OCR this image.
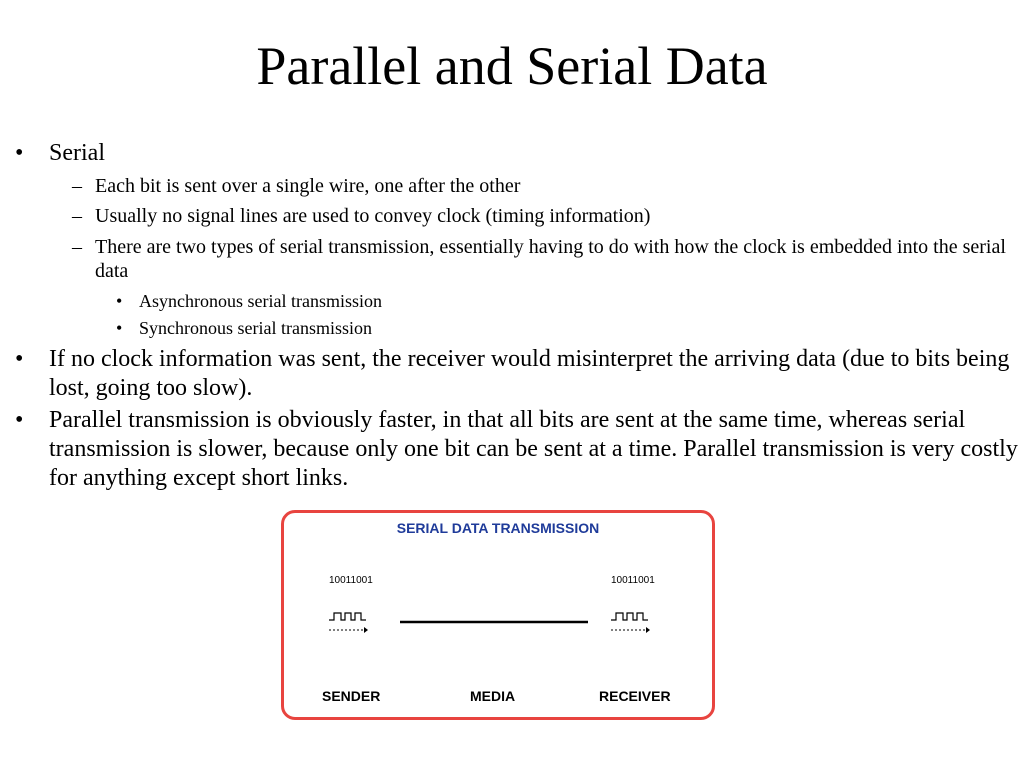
Parallel and Serial Data
• Serial
– Each bit is sent over a single wire, one after the other
– Usually no signal lines are used to convey clock (timing information)
– There are two types of serial transmission, essentially having to do with how the clock is embedded into the serial data
• Asynchronous serial transmission
• Synchronous serial transmission
• If no clock information was sent, the receiver would misinterpret the arriving data (due to bits being lost, going too slow).
• Parallel transmission is obviously faster, in that all bits are sent at the same time, whereas serial transmission is slower, because only one bit can be sent at a time. Parallel transmission is very costly for anything except short links.
SERIAL DATA TRANSMISSION
10011001	10011001
SENDER	MEDIA	RECEIVER
